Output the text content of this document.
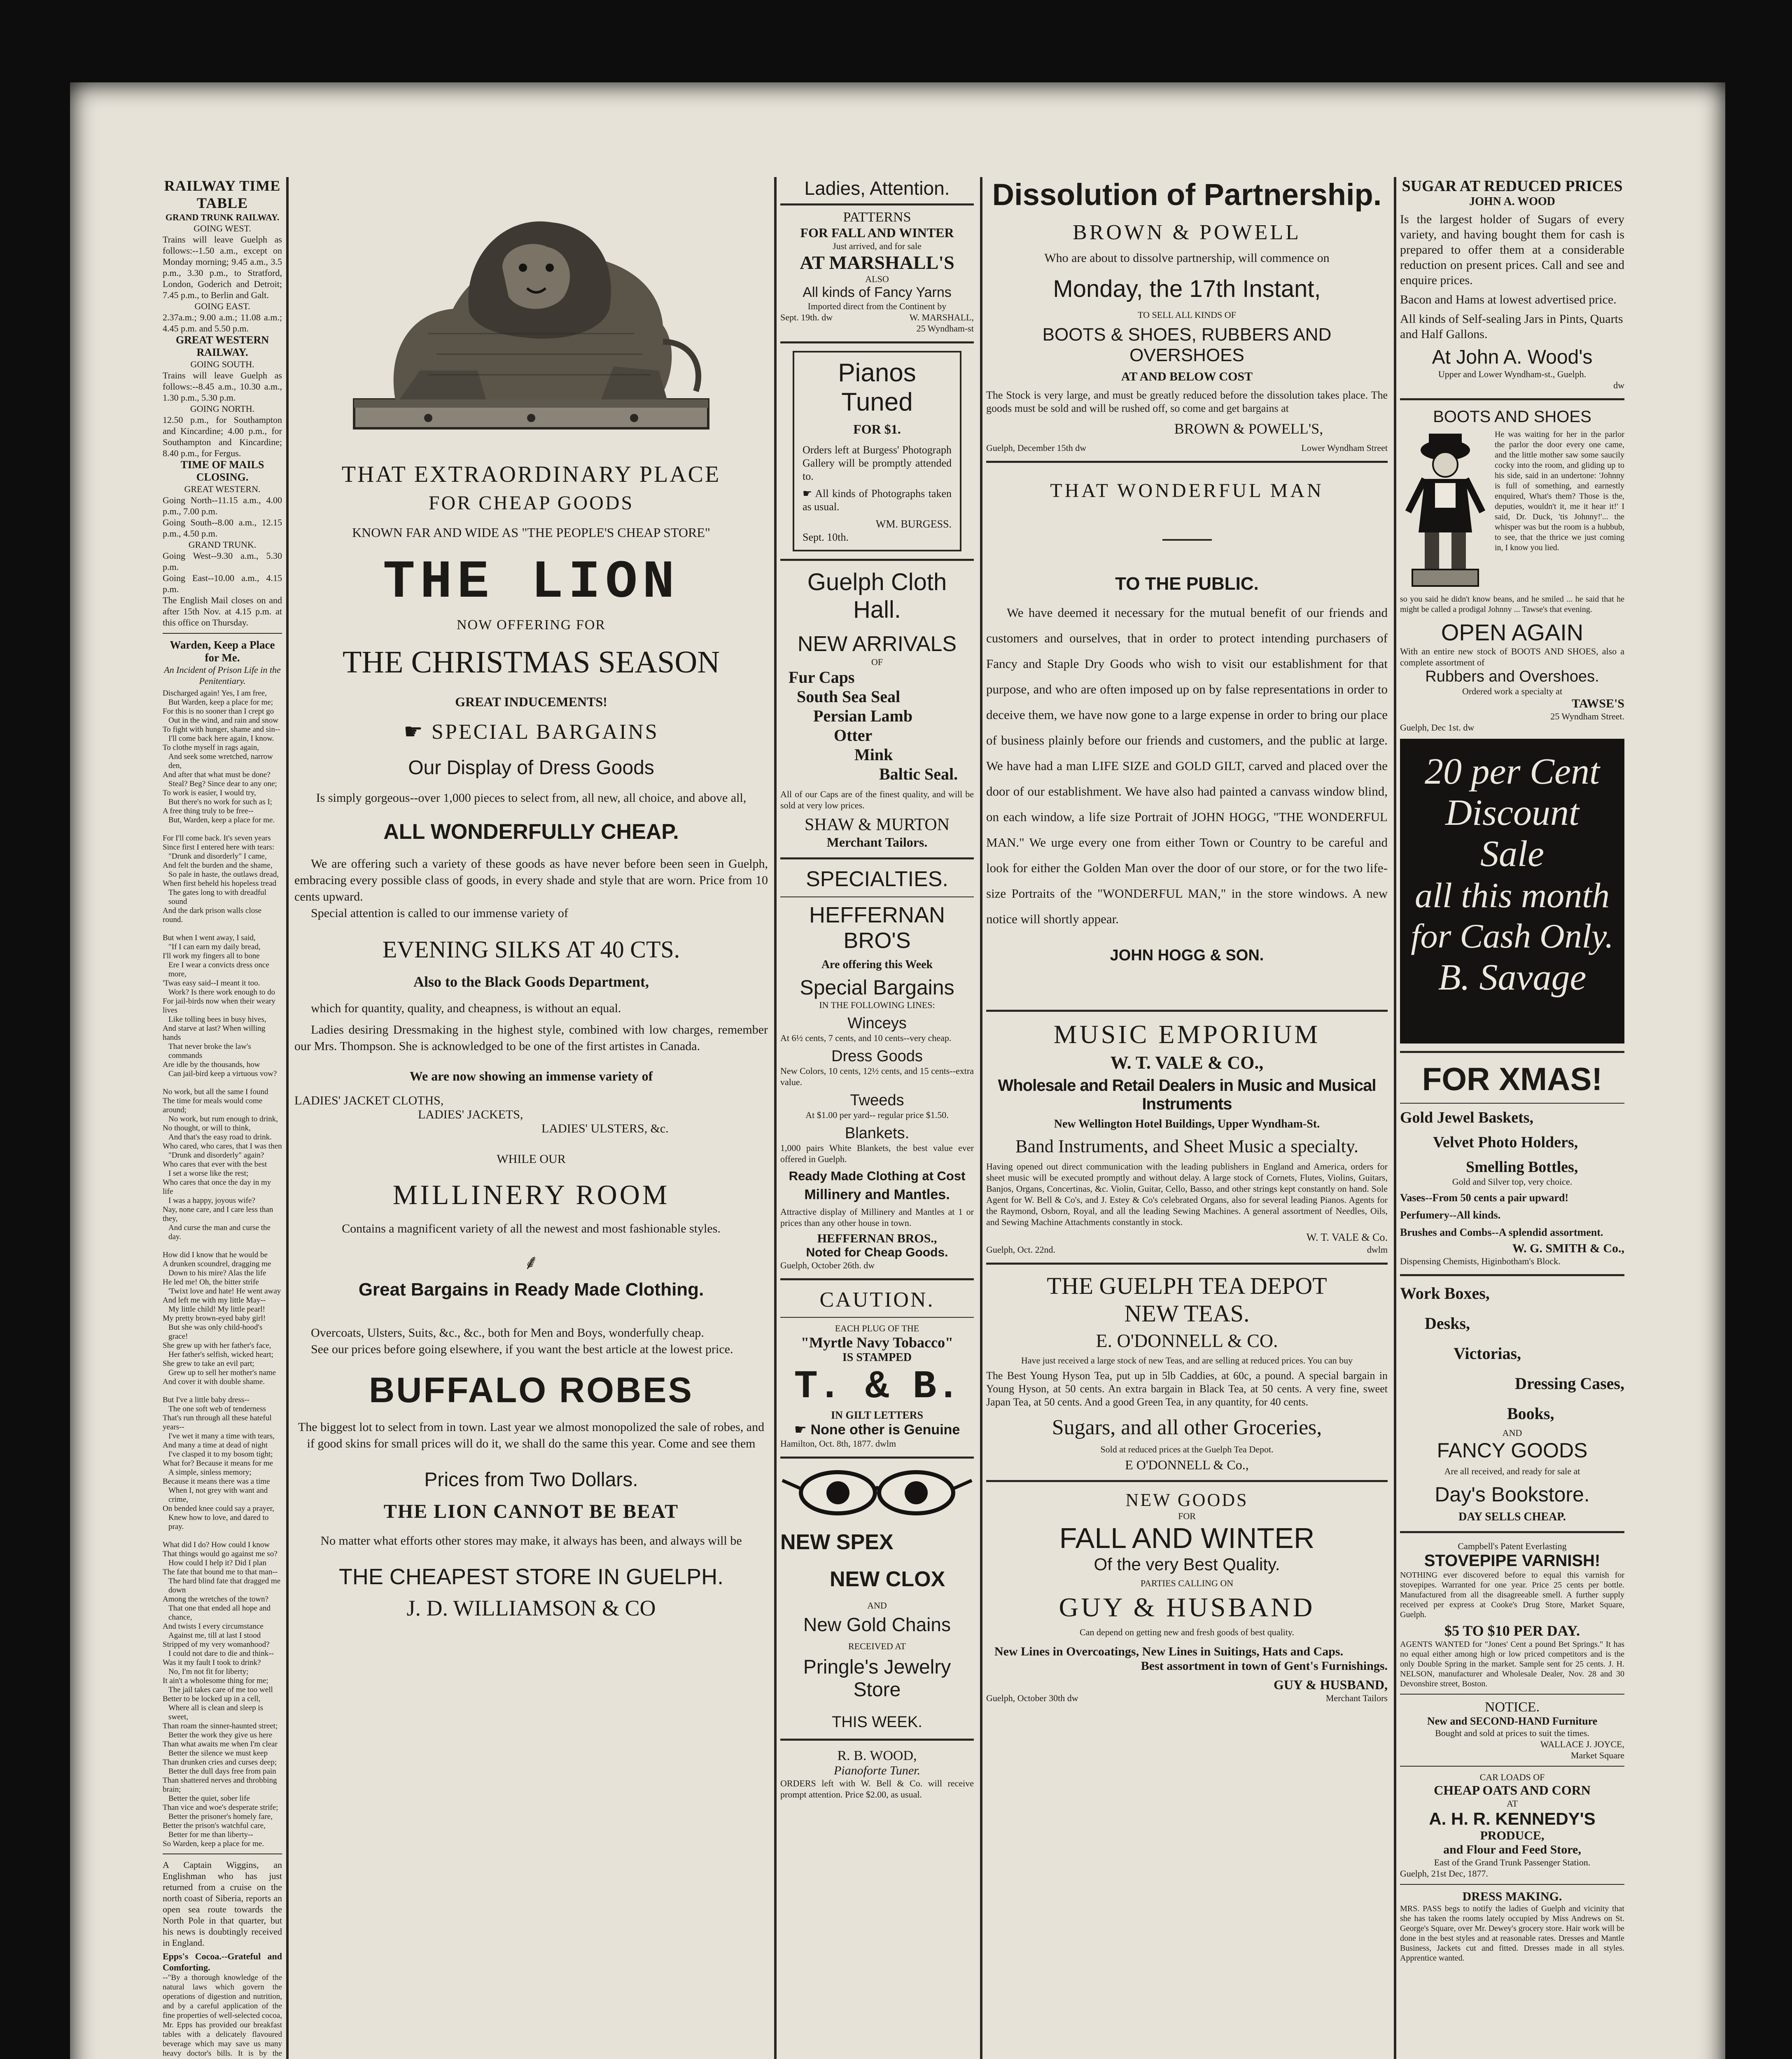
RAILWAY TIME TABLE

GRAND TRUNK RAILWAY.

GOING WEST.

Trains will leave Guelph as follows:--1.50 a.m., except on Monday morning; 9.45 a.m., 3.5 p.m., 3.30 p.m., to Stratford, London, Goderich and Detroit; 7.45 p.m., to Berlin and Galt.

GOING EAST.

2.37a.m.; 9.00 a.m.; 11.08 a.m.; 4.45 p.m. and 5.50 p.m.

GREAT WESTERN RAILWAY.

GOING SOUTH.

Trains will leave Guelph as follows:--8.45 a.m., 10.30 a.m., 1.30 p.m., 5.30 p.m.

GOING NORTH.

12.50 p.m., for Southampton and Kincardine; 4.00 p.m., for Southampton and Kincardine; 8.40 p.m., for Fergus.

TIME OF MAILS CLOSING.

GREAT WESTERN.

Going North--11.15 a.m., 4.00 p.m., 7.00 p.m.

Going South--8.00 a.m., 12.15 p.m., 4.50 p.m.

GRAND TRUNK.

Going West--9.30 a.m., 5.30 p.m.

Going East--10.00 a.m., 4.15 p.m.

The English Mail closes on and after 15th Nov. at 4.15 p.m. at this office on Thursday.

Warden, Keep a Place for Me.

An Incident of Prison Life in the Penitentiary.

Discharged again! Yes, I am free,
But Warden, keep a place for me;
For this is no sooner than I crept go
Out in the wind, and rain and snow
To fight with hunger, shame and sin--
I'll come back here again, I know.
To clothe myself in rags again,
And seek some wretched, narrow den,
And after that what must be done?
Steal? Beg? Since dear to any one;
To work is easier, I would try,
But there's no work for such as I;
A free thing truly to be free--
But, Warden, keep a place for me.

For I'll come back. It's seven years
Since first I entered here with tears:
"Drunk and disorderly" I came,
And felt the burden and the shame,
So pale in haste, the outlaws dread,
When first beheld his hopeless tread
The gates long to with dreadful sound
And the dark prison walls close round.

But when I went away, I said,
"If I can earn my daily bread,
I'll work my fingers all to bone
Ere I wear a convicts dress once more,
'Twas easy said--I meant it too.
Work? Is there work enough to do
For jail-birds now when their weary lives
Like tolling bees in busy hives,
And starve at last? When willing hands
That never broke the law's commands
Are idle by the thousands, how
Can jail-bird keep a virtuous vow?

No work, but all the same I found
The time for meals would come around;
No work, but rum enough to drink,
No thought, or will to think,
And that's the easy road to drink.
Who cared, who cares, that I was then
"Drunk and disorderly" again?
Who cares that ever with the best
I set a worse like the rest;
Who cares that once the day in my life
I was a happy, joyous wife?
Nay, none care, and I care less than they,
And curse the man and curse the day.

How did I know that he would be
A drunken scoundrel, dragging me
Down to his mire? Alas the life
He led me! Oh, the bitter strife
'Twixt love and hate! He went away
And left me with my little May--
My little child! My little pearl!
My pretty brown-eyed baby girl!
But she was only child-hood's grace!
She grew up with her father's face,
Her father's selfish, wicked heart;
She grew to take an evil part;
Grew up to sell her mother's name
And cover it with double shame.

But I've a little baby dress--
The one soft web of tenderness
That's run through all these hateful years--
I've wet it many a time with tears,
And many a time at dead of night
I've clasped it to my bosom tight;
What for? Because it means for me
A simple, sinless memory;
Because it means there was a time
When I, not grey with want and crime,
On bended knee could say a prayer,
Knew how to love, and dared to pray.

What did I do? How could I know
That things would go against me so?
How could I help it? Did I plan
The fate that bound me to that man--
The hard blind fate that dragged me down
Among the wretches of the town?
That one that ended all hope and chance,
And twists I every circumstance
Against me, till at last I stood
Stripped of my very womanhood?
I could not dare to die and think--
Was it my fault I took to drink?
No, I'm not fit for liberty;
It ain't a wholesome thing for me;
The jail takes care of me too well
Better to be locked up in a cell,
Where all is clean and sleep is sweet,
Than roam the sinner-haunted street;
Better the work they give us here
Than what awaits me when I'm clear
Better the silence we must keep
Than drunken cries and curses deep;
Better the dull days free from pain
Than shattered nerves and throbbing brain;
Better the quiet, sober life
Than vice and woe's desperate strife;
Better the prisoner's homely fare,
Better the prison's watchful care,
Better for me than liberty--
So Warden, keep a place for me.

A Captain Wiggins, an Englishman who has just returned from a cruise on the north coast of Siberia, reports an open sea route towards the North Pole in that quarter, but his news is doubtingly received in England.

Epps's Cocoa.--Grateful and Comforting.

--"By a thorough knowledge of the natural laws which govern the operations of digestion and nutrition, and by a careful application of the fine properties of well-selected cocoa, Mr. Epps has provided our breakfast tables with a delicately flavoured beverage which may save us many heavy doctor's bills. It is by the

THAT EXTRAORDINARY PLACE

FOR CHEAP GOODS

KNOWN FAR AND WIDE AS "THE PEOPLE'S CHEAP STORE"

THE LION

NOW OFFERING FOR

THE CHRISTMAS SEASON

GREAT INDUCEMENTS!

☛ SPECIAL BARGAINS

Our Display of Dress Goods

Is simply gorgeous--over 1,000 pieces to select from, all new, all choice, and above all,

ALL WONDERFULLY CHEAP.

We are offering such a variety of these goods as have never before been seen in Guelph, embracing every possible class of goods, in every shade and style that are worn. Price from 10 cents upward.

Special attention is called to our immense variety of

EVENING SILKS AT 40 CTS.

Also to the Black Goods Department,

which for quantity, quality, and cheapness, is without an equal.

Ladies desiring Dressmaking in the highest style, combined with low charges, remember our Mrs. Thompson. She is acknowledged to be one of the first artistes in Canada.

We are now showing an immense variety of

LADIES' JACKET CLOTHS,

LADIES' JACKETS,

LADIES' ULSTERS, &c.

WHILE OUR

MILLINERY ROOM

Contains a magnificent variety of all the newest and most fashionable styles.

⸙

Great Bargains in Ready Made Clothing.

Overcoats, Ulsters, Suits, &c., &c., both for Men and Boys, wonderfully cheap.

See our prices before going elsewhere, if you want the best article at the lowest price.

BUFFALO ROBES

The biggest lot to select from in town. Last year we almost monopolized the sale of robes, and if good skins for small prices will do it, we shall do the same this year. Come and see them

Prices from Two Dollars.

THE LION CANNOT BE BEAT

No matter what efforts other stores may make, it always has been, and always will be

THE CHEAPEST STORE IN GUELPH.

J. D. WILLIAMSON & CO

Ladies, Attention.

PATTERNS

FOR FALL AND WINTER

Just arrived, and for sale

AT MARSHALL'S

ALSO

All kinds of Fancy Yarns

Imported direct from the Continent by

Sept. 19th. dw	W. MARSHALL,

25 Wyndham-st

Pianos Tuned

FOR $1.

Orders left at Burgess' Photograph Gallery will be promptly attended to.

☛ All kinds of Photographs taken as usual.

WM. BURGESS.

Sept. 10th.

Guelph Cloth Hall.

NEW ARRIVALS

OF

Fur Caps

South Sea Seal

Persian Lamb

Otter

Mink

Baltic Seal.

All of our Caps are of the finest quality, and will be sold at very low prices.

SHAW & MURTON

Merchant Tailors.

SPECIALTIES.

HEFFERNAN BRO'S

Are offering this Week

Special Bargains

IN THE FOLLOWING LINES:

Winceys

At 6½ cents, 7 cents, and 10 cents--very cheap.

Dress Goods

New Colors, 10 cents, 12½ cents, and 15 cents--extra value.

Tweeds

At $1.00 per yard-- regular price $1.50.

Blankets.

1,000 pairs White Blankets, the best value ever offered in Guelph.

Ready Made Clothing at Cost

Millinery and Mantles.

Attractive display of Millinery and Mantles at 1 or prices than any other house in town.

HEFFERNAN BROS.,

Noted for Cheap Goods.

Guelph, October 26th. dw

CAUTION.

EACH PLUG OF THE

"Myrtle Navy Tobacco"

IS STAMPED

T. & B.

IN GILT LETTERS

☛ None other is Genuine

Hamilton, Oct. 8th, 1877. dwlm

NEW SPEX

NEW CLOX

AND

New Gold Chains

RECEIVED AT

Pringle's Jewelry Store

THIS WEEK.

R. B. WOOD,

Pianoforte Tuner.

ORDERS left with W. Bell & Co. will receive prompt attention. Price $2.00, as usual.

Dissolution of Partnership.

BROWN & POWELL

Who are about to dissolve partnership, will commence on

Monday, the 17th Instant,

TO SELL ALL KINDS OF

BOOTS & SHOES, RUBBERS AND OVERSHOES

AT AND BELOW COST

The Stock is very large, and must be greatly reduced before the dissolution takes place. The goods must be sold and will be rushed off, so come and get bargains at

BROWN & POWELL'S,

Guelph, December 15th dw	Lower Wyndham Street

THAT WONDERFUL MAN

TO THE PUBLIC.

We have deemed it necessary for the mutual benefit of our friends and customers and ourselves, that in order to protect intending purchasers of Fancy and Staple Dry Goods who wish to visit our establishment for that purpose, and who are often imposed up on by false representations in order to deceive them, we have now gone to a large expense in order to bring our place of business plainly before our friends and customers, and the public at large. We have had a man LIFE SIZE and GOLD GILT, carved and placed over the door of our establishment. We have also had painted a canvass window blind, on each window, a life size Portrait of JOHN HOGG, "THE WONDERFUL MAN." We urge every one from either Town or Country to be careful and look for either the Golden Man over the door of our store, or for the two life-size Portraits of the "WONDERFUL MAN," in the store windows. A new notice will shortly appear.

JOHN HOGG & SON.

MUSIC EMPORIUM

W. T. VALE & CO.,

Wholesale and Retail Dealers in Music and Musical Instruments

New Wellington Hotel Buildings, Upper Wyndham-St.

Band Instruments, and Sheet Music a specialty.

Having opened out direct communication with the leading publishers in England and America, orders for sheet music will be executed promptly and without delay. A large stock of Cornets, Flutes, Violins, Guitars, Banjos, Organs, Concertinas, &c. Violin, Guitar, Cello, Basso, and other strings kept constantly on hand. Sole Agent for W. Bell & Co's, and J. Estey & Co's celebrated Organs, also for several leading Pianos. Agents for the Raymond, Osborn, Royal, and all the leading Sewing Machines. A general assortment of Needles, Oils, and Sewing Machine Attachments constantly in stock.

W. T. VALE & Co.

Guelph, Oct. 22nd.	dwlm

THE GUELPH TEA DEPOT

NEW TEAS.

E. O'DONNELL & CO.

Have just received a large stock of new Teas, and are selling at reduced prices. You can buy

The Best Young Hyson Tea, put up in 5lb Caddies, at 60c, a pound. A special bargain in Young Hyson, at 50 cents. An extra bargain in Black Tea, at 50 cents. A very fine, sweet Japan Tea, at 50 cents. And a good Green Tea, in any quantity, for 40 cents.

Sugars, and all other Groceries,

Sold at reduced prices at the Guelph Tea Depot.

E O'DONNELL & Co.,

NEW GOODS

FOR

FALL AND WINTER

Of the very Best Quality.

PARTIES CALLING ON

GUY & HUSBAND

Can depend on getting new and fresh goods of best quality.

New Lines in Overcoatings, New Lines in Suitings, Hats and Caps.

Best assortment in town of Gent's Furnishings.

GUY & HUSBAND,

Guelph, October 30th dw	Merchant Tailors

SUGAR AT REDUCED PRICES

JOHN A. WOOD

Is the largest holder of Sugars of every variety, and having bought them for cash is prepared to offer them at a considerable reduction on present prices. Call and see and enquire prices.

Bacon and Hams at lowest advertised price.

All kinds of Self-sealing Jars in Pints, Quarts and Half Gallons.

At John A. Wood's

Upper and Lower Wyndham-st., Guelph.

dw

BOOTS AND SHOES

He was waiting for her in the parlor the parlor the door every one came, and the little mother saw some saucily cocky into the room, and gliding up to his side, said in an undertone: 'Johnny is full of something, and earnestly enquired, What's them? Those is the, deputies, wouldn't it, me it hear it!' I said, Dr. Duck, 'tis Johnny!'... the whisper was but the room is a hubbub, to see, that the thrice we just coming in, I know you lied.

so you said he didn't know beans, and he smiled ... he said that he might be called a prodigal Johnny ... Tawse's that evening.

OPEN AGAIN

With an entire new stock of BOOTS AND SHOES, also a complete assortment of

Rubbers and Overshoes.

Ordered work a specialty at

TAWSE'S

25 Wyndham Street.

Guelph, Dec 1st. dw

20 per Cent

Discount

Sale

all this month

for Cash Only.

B. Savage

FOR XMAS!

Gold Jewel Baskets,

Velvet Photo Holders,

Smelling Bottles,

Gold and Silver top, very choice.

Vases--From 50 cents a pair upward!

Perfumery--All kinds.

Brushes and Combs--A splendid assortment.

W. G. SMITH & Co.,

Dispensing Chemists, Higinbotham's Block.

Work Boxes,

Desks,

Victorias,

Dressing Cases,

Books,

AND

FANCY GOODS

Are all received, and ready for sale at

Day's Bookstore.

DAY SELLS CHEAP.

Campbell's Patent Everlasting

STOVEPIPE VARNISH!

NOTHING ever discovered before to equal this varnish for stovepipes. Warranted for one year. Price 25 cents per bottle. Manufactured from all the disagreeable smell. A further supply received per express at Cooke's Drug Store, Market Square, Guelph.

$5 TO $10 PER DAY.

AGENTS WANTED for "Jones' Cent a pound Bet Springs." It has no equal either among high or low priced competitors and is the only Double Spring in the market. Sample sent for 25 cents. J. H. NELSON, manufacturer and Wholesale Dealer, Nov. 28 and 30 Devonshire street, Boston.

NOTICE.

New and SECOND-HAND Furniture

Bought and sold at prices to suit the times.

WALLACE J. JOYCE,

Market Square

CAR LOADS OF

CHEAP OATS AND CORN

AT

A. H. R. KENNEDY'S

PRODUCE,

and Flour and Feed Store,

East of the Grand Trunk Passenger Station.

Guelph, 21st Dec, 1877.

DRESS MAKING.

MRS. PASS begs to notify the ladies of Guelph and vicinity that she has taken the rooms lately occupied by Miss Andrews on St. George's Square, over Mr. Dewey's grocery store. Hair work will be done in the best styles and at reasonable rates. Dresses and Mantle Business, Jackets cut and fitted. Dresses made in all styles. Apprentice wanted.
